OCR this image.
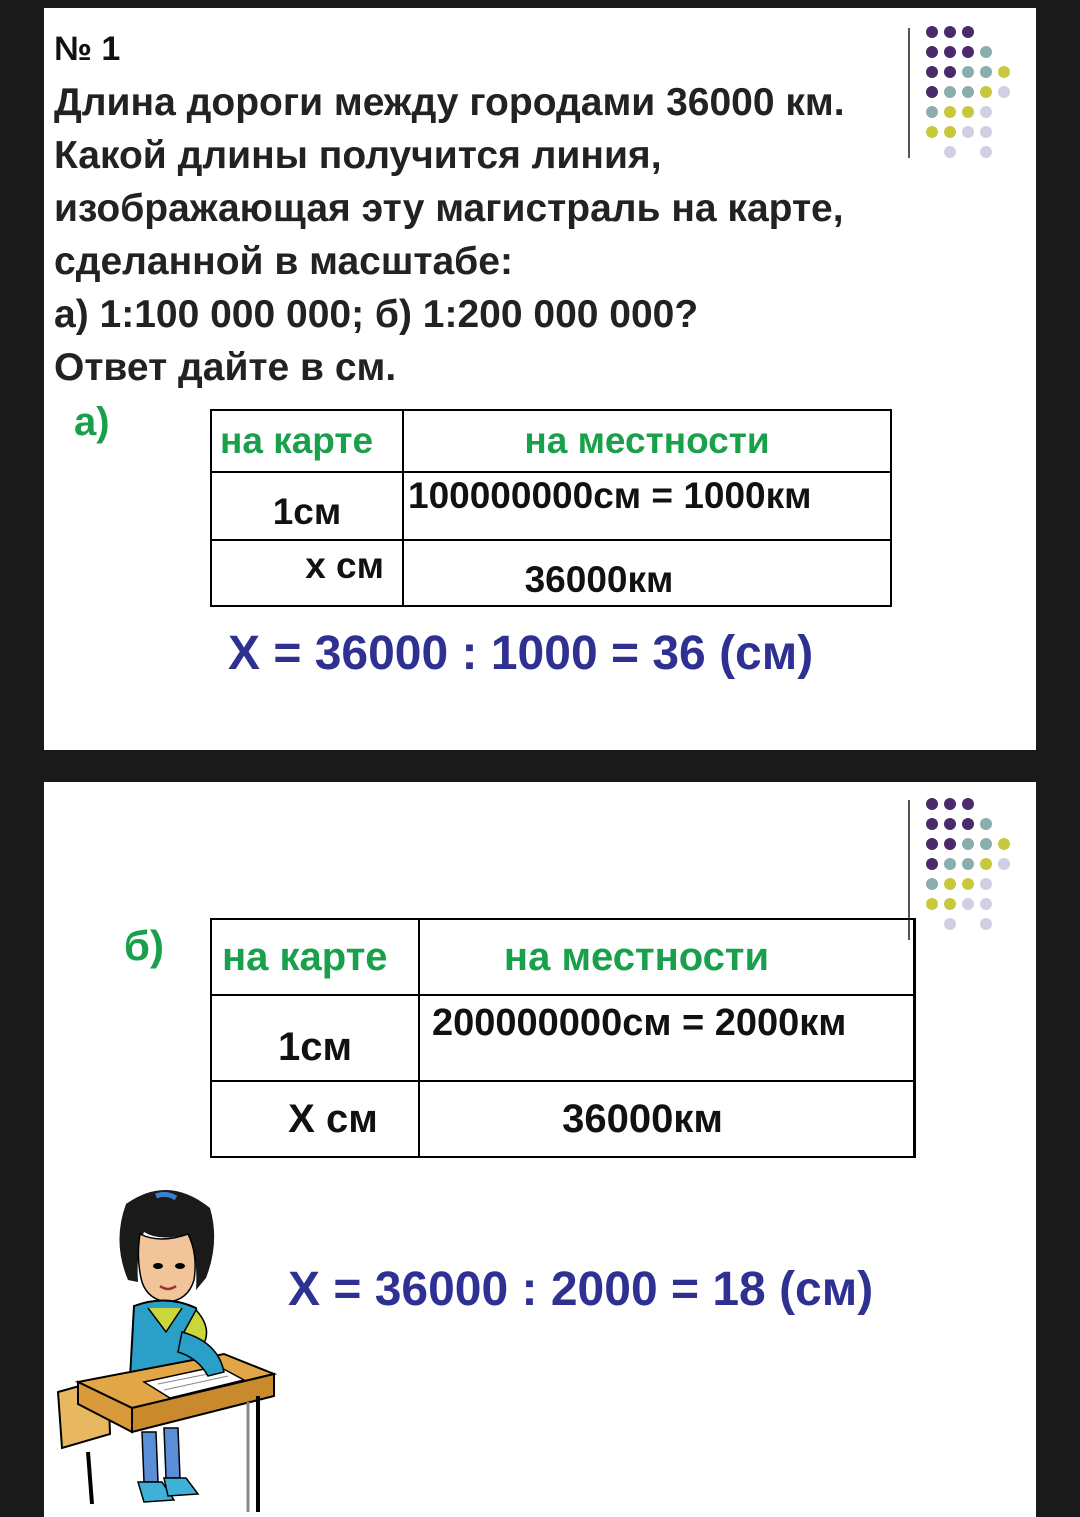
№ 1

Длина дороги между городами 36000 км.
Какой длины получится линия,
изображающая эту магистраль на карте,
сделанной в масштабе:
а) 1:100 000 000; б) 1:200 000 000?
Ответ дайте в см.

а)	на карте	на местности
1см	100000000см = 1000км
х см	36000км
Х = 36000 : 1000 = 36 (см)
б) на карте	на местности
1см	200000000см = 2000км
Х см	36000км
Х = 36000 : 2000 = 18 (см)
